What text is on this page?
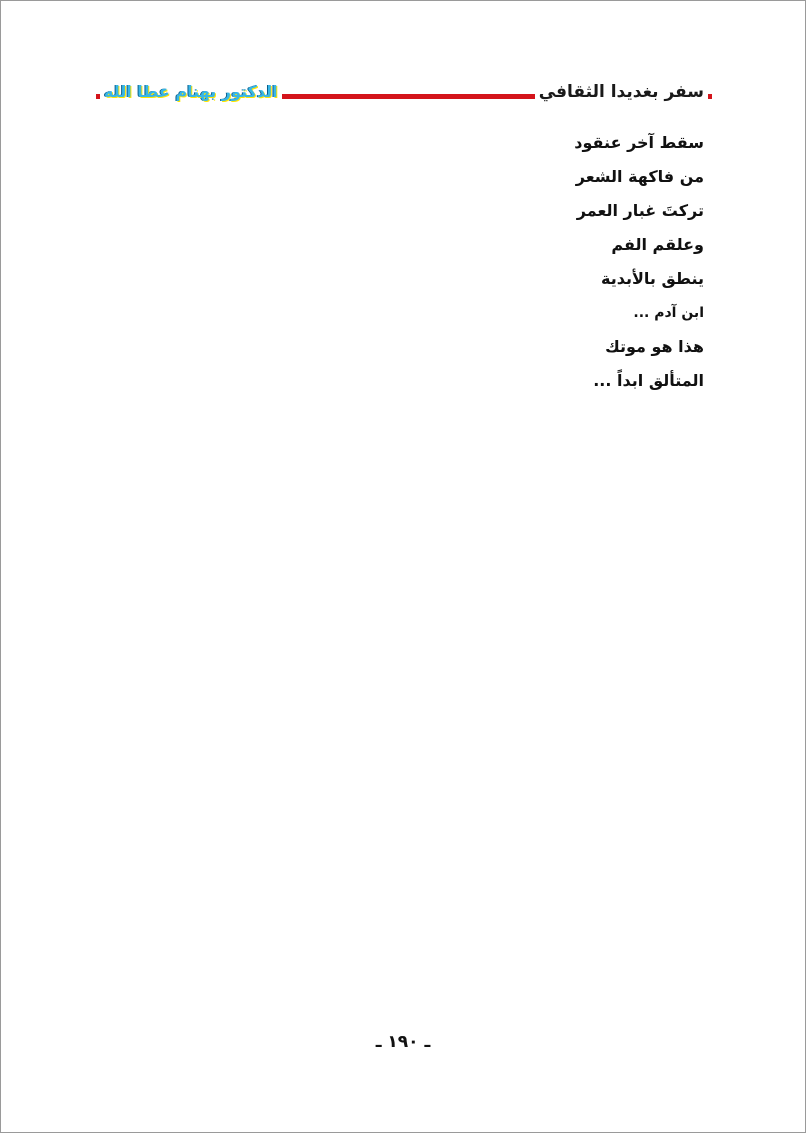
الدكتور بهنام عطا الله	سفر بغديدا الثقافي
سقط آخر عنقود
من فاكهة الشعر
تركتَ غبار العمر
وعلقم الفم
ينطق بالأبدية
ابن آدم ...
هذا هو موتك
المتألق ابداً ...
ـ ١٩٠ ـ
